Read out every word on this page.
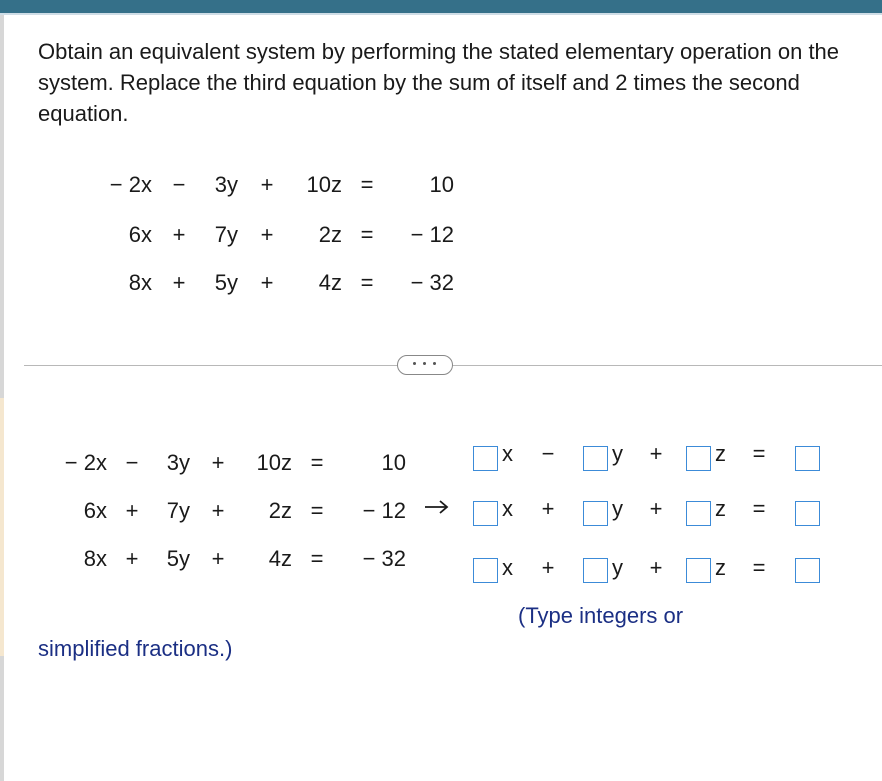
Obtain an equivalent system by performing the stated elementary operation on the system. Replace the third equation by the sum of itself and 2 times the second equation.

− 2x −	3y +	10z =	10
6x +	7y +	2z =	− 12
8x +	5y +	4z =	− 32
− 2x −	3y +	10z =	10
6x +	7y +	2z =	− 12
8x +	5y +	4z =	− 32
x −	y + z =
x +	y + z =
x +	y + z =
(Type integers or
simplified fractions.)
